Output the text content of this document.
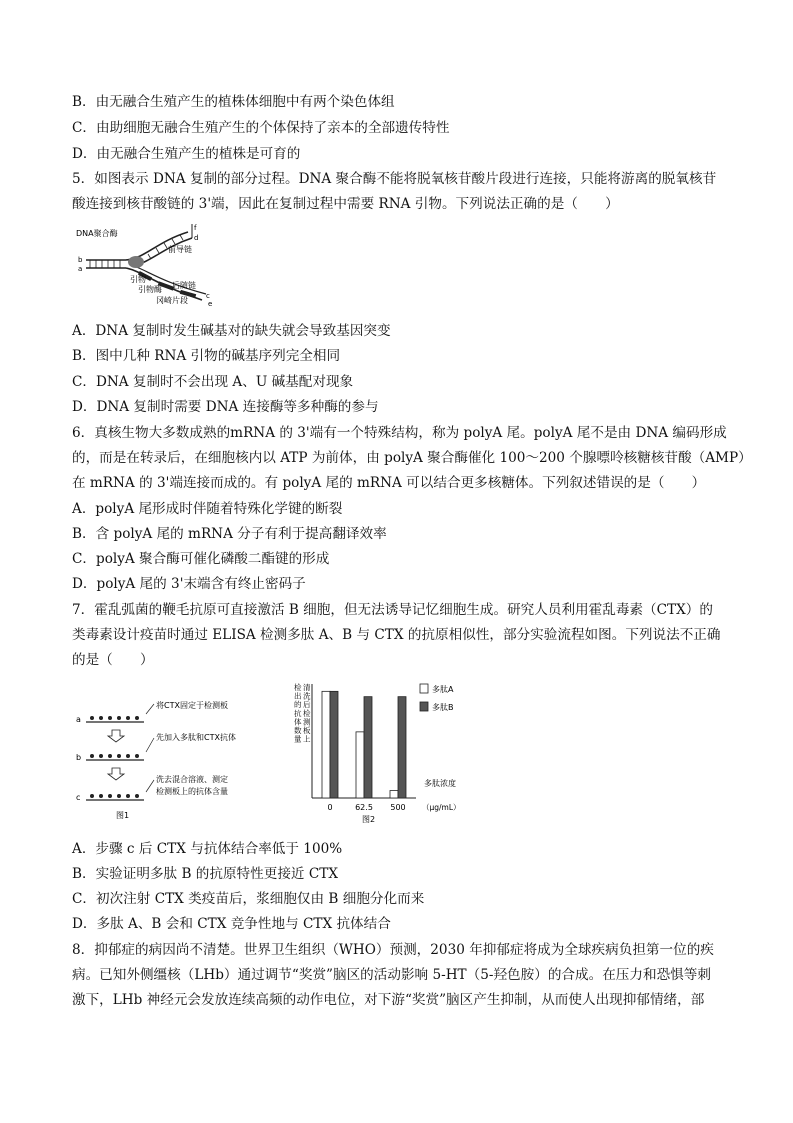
B．由无融合生殖产生的植株体细胞中有两个染色体组
C．由助细胞无融合生殖产生的个体保持了亲本的全部遗传特性
D．由无融合生殖产生的植株是可育的
5．如图表示 DNA 复制的部分过程。DNA 聚合酶不能将脱氧核苷酸片段进行连接，只能将游离的脱氧核苷
酸连接到核苷酸链的 3'端，因此在复制过程中需要 RNA 引物。下列说法正确的是（　　）
DNA聚合酶
前导链
引物
引物酶 后随链
冈崎片段
b
a
f
d
c
e
A．DNA 复制时发生碱基对的缺失就会导致基因突变
B．图中几种 RNA 引物的碱基序列完全相同
C．DNA 复制时不会出现 A、U 碱基配对现象
D．DNA 复制时需要 DNA 连接酶等多种酶的参与
6．真核生物大多数成熟的mRNA 的 3'端有一个特殊结构，称为 polyA 尾。polyA 尾不是由 DNA 编码形成
的，而是在转录后，在细胞核内以 ATP 为前体，由 polyA 聚合酶催化 100～200 个腺嘌呤核糖核苷酸（AMP）
在 mRNA 的 3'端连接而成的。有 polyA 尾的 mRNA 可以结合更多核糖体。下列叙述错误的是（　　）
A．polyA 尾形成时伴随着特殊化学键的断裂
B．含 polyA 尾的 mRNA 分子有利于提高翻译效率
C．polyA 聚合酶可催化磷酸二酯键的形成
D．polyA 尾的 3'末端含有终止密码子
7．霍乱弧菌的鞭毛抗原可直接激活 B 细胞，但无法诱导记忆细胞生成。研究人员利用霍乱毒素（CTX）的
类毒素设计疫苗时通过 ELISA 检测多肽 A、B 与 CTX 的抗原相似性，部分实验流程如图。下列说法不正确
的是（　　）
a
将CTX固定于检测板
b
先加入多肽和CTX抗体
c
洗去混合溶液、测定
检测板上的抗体含量
图1
检出的抗体数量
清洗后检测板上
0	62.5 500
多肽A
多肽B
多肽浓度
（μg/mL）
图2
A．步骤 c 后 CTX 与抗体结合率低于 100%
B．实验证明多肽 B 的抗原特性更接近 CTX
C．初次注射 CTX 类疫苗后，浆细胞仅由 B 细胞分化而来
D．多肽 A、B 会和 CTX 竞争性地与 CTX 抗体结合
8．抑郁症的病因尚不清楚。世界卫生组织（WHO）预测，2030 年抑郁症将成为全球疾病负担第一位的疾
病。已知外侧缰核（LHb）通过调节“奖赏”脑区的活动影响 5-HT（5-羟色胺）的合成。在压力和恐惧等刺
激下，LHb 神经元会发放连续高频的动作电位，对下游“奖赏”脑区产生抑制，从而使人出现抑郁情绪，部
